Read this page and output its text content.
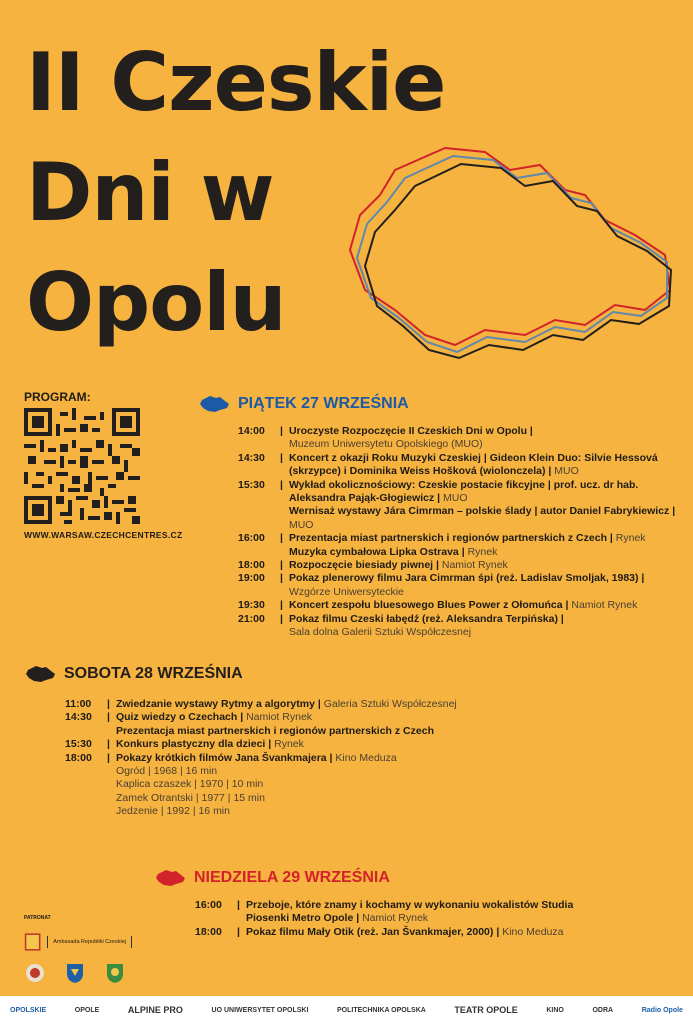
II Czeskie
Dni w
Opolu
PROGRAM:
WWW.WARSAW.CZECHCENTRES.CZ
PIĄTEK 27 WRZEŚNIA
14:00	| Uroczyste Rozpoczęcie II Czeskich Dni w Opolu |
Muzeum Uniwersytetu Opolskiego (MUO)
14:30	| Koncert z okazji Roku Muzyki Czeskiej | Gideon Klein Duo: Silvie Hessová (skrzypce) i Dominika Weiss Hošková (wiolonczela) | MUO
15:30	| Wykład okolicznościowy: Czeskie postacie fikcyjne | prof. ucz. dr hab. Aleksandra Pająk-Głogiewicz | MUO
Wernisaż wystawy Jára Cimrman – polskie ślady | autor Daniel Fabrykiewicz | MUO
16:00	| Prezentacja miast partnerskich i regionów partnerskich z Czech | Rynek
Muzyka cymbałowa Lipka Ostrava | Rynek
18:00	| Rozpoczęcie biesiady piwnej | Namiot Rynek
19:00	| Pokaz plenerowy filmu Jara Cimrman śpi (reż. Ladislav Smoljak, 1983) |
Wzgórze Uniwersyteckie
19:30	| Koncert zespołu bluesowego Blues Power z Ołomuńca | Namiot Rynek
21:00	| Pokaz filmu Czeski łabędź (reż. Aleksandra Terpińska) |
Sala dolna Galerii Sztuki Współczesnej
SOBOTA 28 WRZEŚNIA
11:00	| Zwiedzanie wystawy Rytmy a algorytmy | Galeria Sztuki Współczesnej
14:30	| Quiz wiedzy o Czechach | Namiot Rynek
Prezentacja miast partnerskich i regionów partnerskich z Czech
15:30	| Konkurs plastyczny dla dzieci | Rynek
18:00	| Pokazy krótkich filmów Jana Švankmajera | Kino Meduza
Ogród | 1968 | 16 min
Kaplica czaszek | 1970 | 10 min
Zamek Otrantski | 1977 | 15 min
Jedzenie | 1992 | 16 min
NIEDZIELA 29 WRZEŚNIA
16:00	| Przeboje, które znamy i kochamy w wykonaniu wokalistów Studia Piosenki Metro Opole | Namiot Rynek
18:00	| Pokaz filmu Mały Otik (reż. Jan Švankmajer, 2000) | Kino Meduza
PATRONAT
Ambasada Republiki Czeskiej
OPOLSKIE	OPOLE	ALPINE PRO	UO UNIWERSYTET OPOLSKI	POLITECHNIKA OPOLSKA	TEATR OPOLE	KINO	ODRA	Radio Opole
